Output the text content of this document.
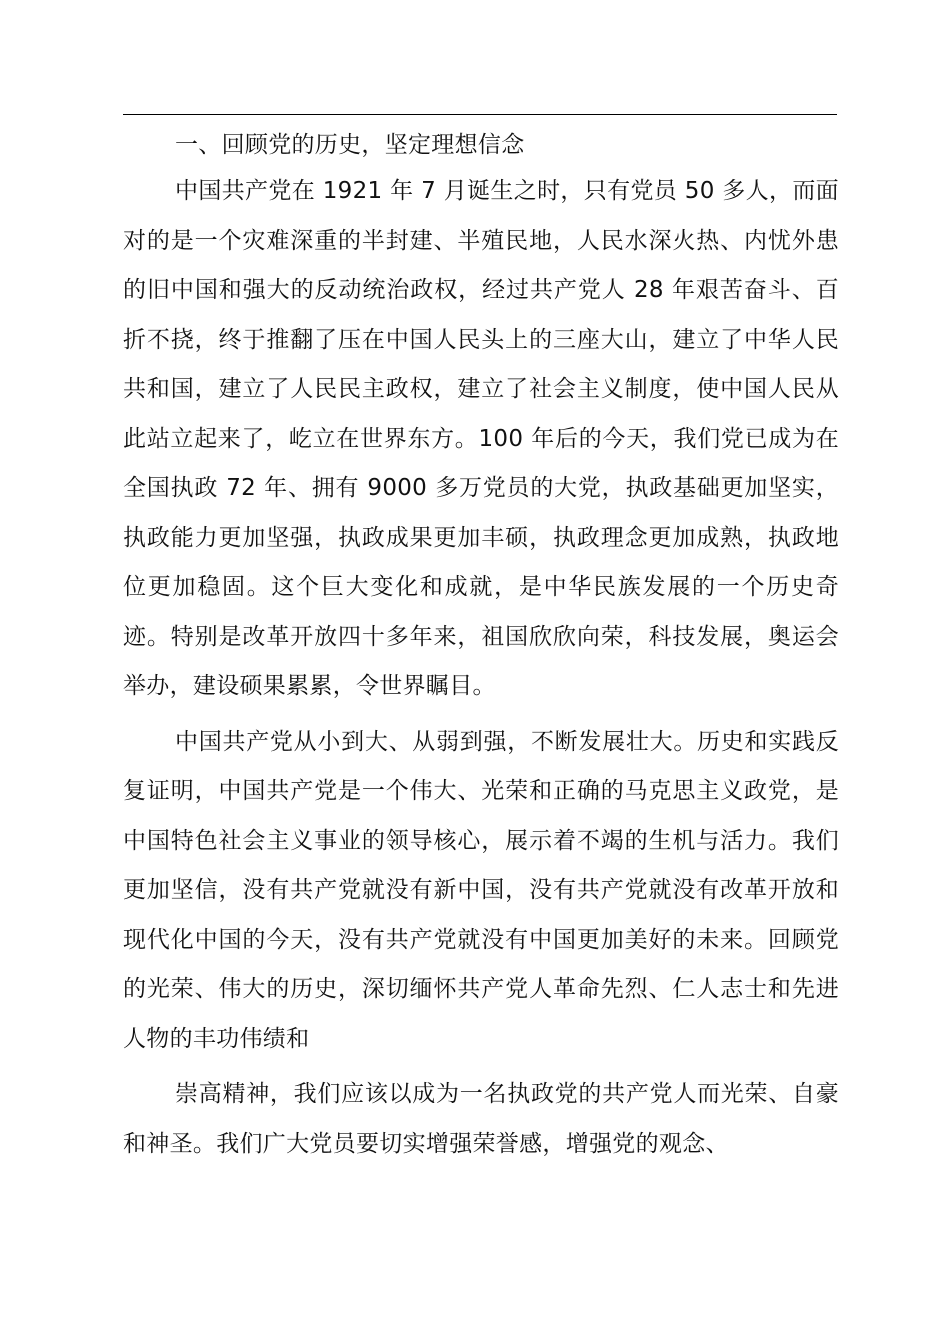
一、回顾党的历史，坚定理想信念

中国共产党在 1921 年 7 月诞生之时，只有党员 50 多人，而面对的是一个灾难深重的半封建、半殖民地，人民水深火热、内忧外患的旧中国和强大的反动统治政权，经过共产党人 28 年艰苦奋斗、百折不挠，终于推翻了压在中国人民头上的三座大山，建立了中华人民共和国，建立了人民民主政权，建立了社会主义制度，使中国人民从此站立起来了，屹立在世界东方。100 年后的今天，我们党已成为在全国执政 72 年、拥有 9000 多万党员的大党，执政基础更加坚实，执政能力更加坚强，执政成果更加丰硕，执政理念更加成熟，执政地位更加稳固。这个巨大变化和成就，是中华民族发展的一个历史奇迹。特别是改革开放四十多年来，祖国欣欣向荣，科技发展，奥运会举办，建设硕果累累，令世界瞩目。

中国共产党从小到大、从弱到强，不断发展壮大。历史和实践反复证明，中国共产党是一个伟大、光荣和正确的马克思主义政党，是中国特色社会主义事业的领导核心，展示着不竭的生机与活力。我们更加坚信，没有共产党就没有新中国，没有共产党就没有改革开放和现代化中国的今天，没有共产党就没有中国更加美好的未来。回顾党的光荣、伟大的历史，深切缅怀共产党人革命先烈、仁人志士和先进人物的丰功伟绩和

崇高精神，我们应该以成为一名执政党的共产党人而光荣、自豪和神圣。我们广大党员要切实增强荣誉感，增强党的观念、
